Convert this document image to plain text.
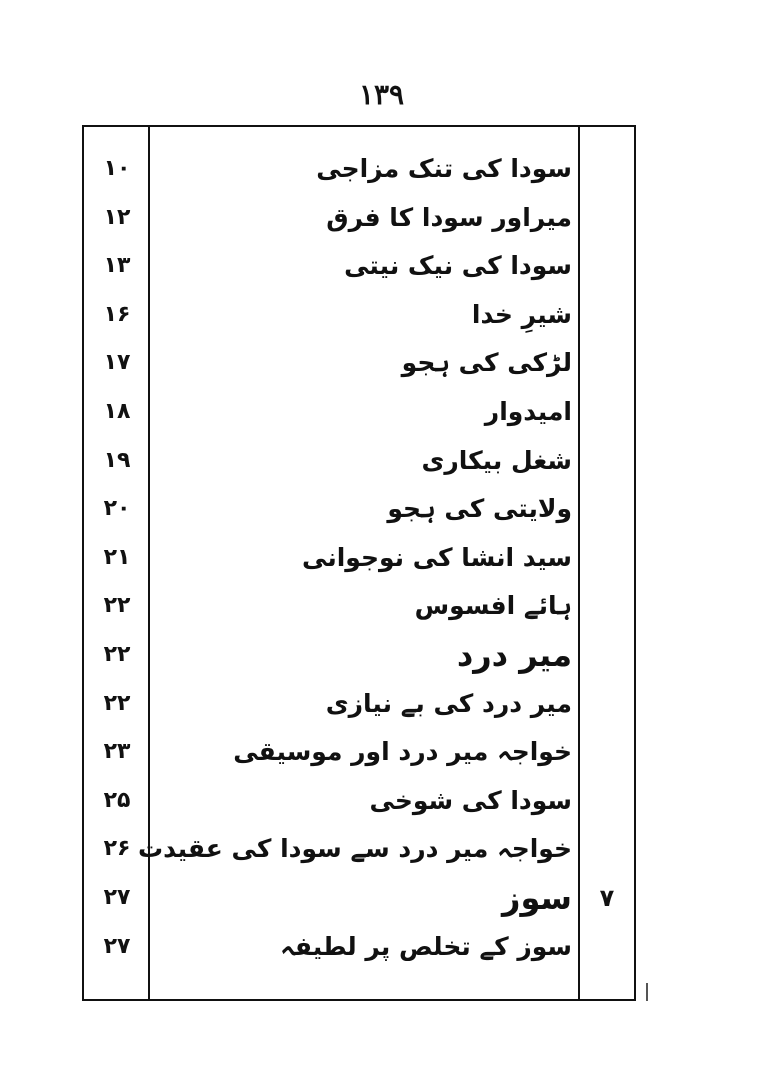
۱۳۹
سودا کی تنک مزاجی
۱۰
میراور سودا کا فرق
۱۲
سودا کی نیک نیتی
۱۳
شیرِ خدا
۱۶
لڑکی کی ہجو
۱۷
امیدوار
۱۸
شغل بیکاری
۱۹
ولایتی کی ہجو
۲۰
سید انشا کی نوجوانی
۲۱
ہائے افسوس
۲۲
میر درد
۲۲
میر درد کی بے نیازی
۲۲
خواجہ میر درد اور موسیقی
۲۳
سودا کی شوخی
۲۵
خواجہ میر درد سے سودا کی عقیدت
۲۶
سوز
۲۷	۷
سوز کے تخلص پر لطیفہ
۲۷
